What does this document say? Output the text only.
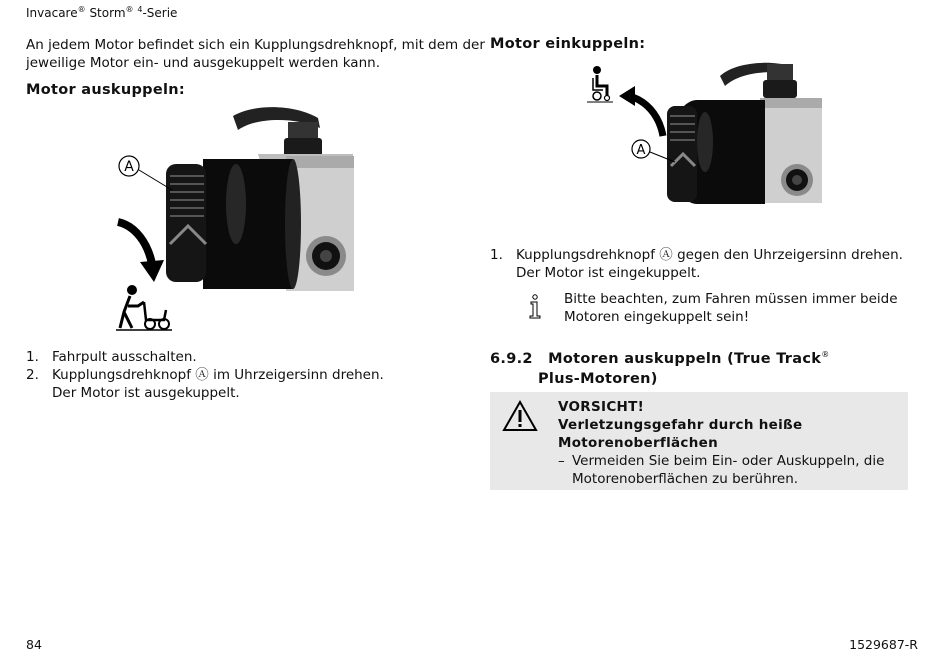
Invacare® Storm® $^4$-Serie
An jedem Motor befindet sich ein Kupplungsdrehknopf, mit dem der
jeweilige Motor ein- und ausgekuppelt werden kann.
Motor auskuppeln:
A
1. Fahrpult ausschalten.
2. Kupplungsdrehknopf Ⓐ im Uhrzeigersinn drehen.
Der Motor ist ausgekuppelt.
Motor einkuppeln:
A
1. Kupplungsdrehknopf Ⓐ gegen den Uhrzeigersinn drehen.
Der Motor ist eingekuppelt.
Bitte beachten, zum Fahren müssen immer beide
Motoren eingekuppelt sein!
6.9.2 Motoren auskuppeln (True Track®
Plus-Motoren)
VORSICHT!
Verletzungsgefahr durch heiße
Motorenoberflächen
– Vermeiden Sie beim Ein- oder Auskuppeln, die
Motorenoberflächen zu berühren.
84	1529687-R
